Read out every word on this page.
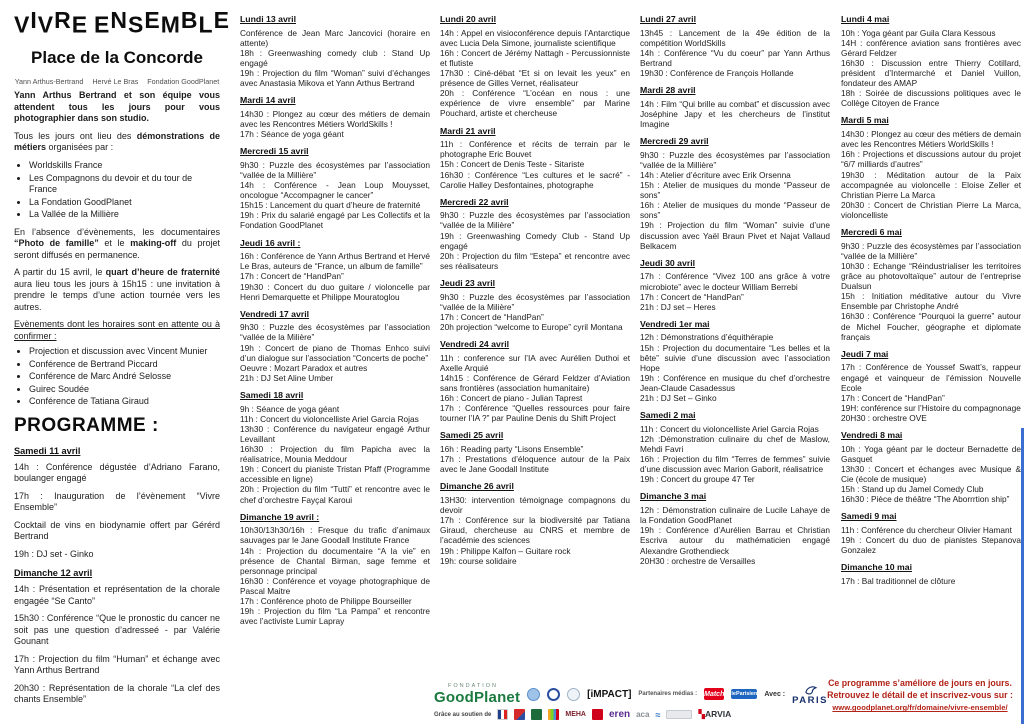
VIVRE ENSEMBLE
Place de la Concorde
Yann Arthus-Bertrand Hervé Le Bras Fondation GoodPlanet

Yann Arthus Bertrand et son équipe vous attendent tous les jours pour vous photographier dans son studio.

Tous les jours ont lieu des démonstrations de métiers organisées par :

• Worldskills France
• Les Compagnons du devoir et du tour de France
• La Fondation GoodPlanet
• La Vallée de la Millière

En l’absence d’évènements, les documentaires “Photo de famille” et le making-off du projet seront diffusés en permanence.

A partir du 15 avril, le quart d’heure de fraternité aura lieu tous les jours à 15h15 : une invitation à prendre le temps d’une action tournée vers les autres.

Evènements dont les horaires sont en attente ou à confirmer :

• Projection et discussion avec Vincent Munier
• Conférence de Bertrand Piccard
• Conférence de Marc André Selosse
• Guirec Soudée
• Conférence de Tatiana Giraud
PROGRAMME :
Samedi 11 avril

14h : Conférence dégustée d’Adriano Farano, boulanger engagé

17h : Inauguration de l’évènement “Vivre Ensemble”

Cocktail de vins en biodynamie offert par Gérérd Bertrand

19h : DJ set - Ginko

Dimanche 12 avril

14h : Présentation et représentation de la chorale engagée “Se Canto”

15h30 : Conférence “Que le pronostic du cancer ne soit pas une question d’adresseé - par Valérie Gounant

17h : Projection du film “Human” et échange avec Yann Arthus Bertrand

20h30 : Représentation de la chorale “La clef des chants Ensemble”

Lundi 13 avril

Conférence de Jean Marc Jancovici (horaire en attente)

18h : Greenwashing comedy club : Stand Up engagé

19h : Projection du film “Woman” suivi d’échanges avec Anastasia Mikova et Yann Arthus Bertrand

Mardi 14 avril

14h30 : Plongez au cœur des métiers de demain avec les Rencontres Métiers WorldSkills !

17h : Séance de yoga géant

Mercredi 15 avril

9h30 : Puzzle des écosystèmes par l’association “vallée de la Millière”

14h : Conférence - Jean Loup Mouysset, oncologue “Accompagner le cancer”

15h15 : Lancement du quart d’heure de fraternité

19h : Prix du salarié engagé par Les Collectifs et la Fondation GoodPlanet

Jeudi 16 avril :

16h : Conférence de Yann Arthus Bertrand et Hervé Le Bras, auteurs de “France, un album de famille”

17h : Concert de “HandPan”

19h30 : Concert du duo guitare / violoncelle par Henri Demarquette et Philippe Mouratoglou

Vendredi 17 avril

9h30 : Puzzle des écosystèmes par l’association “vallée de la Milière”

19h : Concert de piano de Thomas Enhco suivi d’un dialogue sur l’association “Concerts de poche”

Oeuvre : Mozart Paradox et autres

21h : DJ Set Aline Umber

Samedi 18 avril

9h : Séance de yoga géant

11h : Concert du violoncelliste Ariel Garcia Rojas

13h30 : Conférence du navigateur engagé Arthur Levaillant

16h30 : Projection du film Papicha avec la réalisatrice, Mounia Meddour

19h : Concert du pianiste Tristan Pfaff (Programme accessible en ligne)

20h : Projection du film “Tutti” et rencontre avec le chef d’orchestre Fayçal Karoui

Dimanche 19 avril :

10h30/13h30/16h : Fresque du trafic d’animaux sauvages par le Jane Goodall Institute France

14h : Projection du documentaire “A la vie” en présence de Chantal Birman, sage femme et personnage principal

16h30 : Conférence et voyage photographique de Pascal Maitre

17h : Conférence photo de Philippe Bourseiller

19h : Projection du film “La Pampa” et rencontre avec l’activiste Lumir Lapray

Lundi 20 avril

14h : Appel en visioconférence depuis l’Antarctique avec Lucia Dela Simone, journaliste scientifique

16h : Concert de Jérémy Nattagh - Percussionniste et flutiste

17h30 : Ciné-débat “Et si on levait les yeux” en présence de Gilles Vernet, réalisateur

20h : Conférence “L’océan en nous : une expérience de vivre ensemble” par Marine Pouchard, artiste et chercheuse

Mardi 21 avril

11h : Conférence et récits de terrain par le photographe Eric Bouvet

15h : Concert de Denis Teste - Sitariste

16h30 : Conférence “Les cultures et le sacré” - Carolie Halley Desfontaines, photographe

Mercredi 22 avril

9h30 : Puzzle des écosystèmes par l’association “vallée de la Milière”

19h : Greenwashing Comedy Club - Stand Up engagé

20h : Projection du film “Estepa” et rencontre avec ses réalisateurs

Jeudi 23 avril

9h30 : Puzzle des écosystèmes par l’association “vallée de la Milière”

17h : Concert de “HandPan”

20h projection “welcome to Europe” cyril Montana

Vendredi 24 avril

11h : conference sur l’IA avec Aurélien Duthoi et Axelle Arquié

14h15 : Conférence de Gérard Feldzer d’Aviation sans frontières (association humanitaire)

16h : Concert de piano - Julian Taprest

17h : Conférence “Quelles ressources pour faire tourner l’IA ?” par Pauline Denis du Shift Project

Samedi 25 avril

16h : Reading party “Lisons Ensemble”

17h : Prestations d’éloquence autour de la Paix avec le Jane Goodall Institute

Dimanche 26 avril

13H30: intervention témoignage compagnons du devoir

17h : Conférence sur la biodiversité par Tatiana Giraud, chercheuse au CNRS et membre de l’académie des sciences

19h : Philippe Kalfon – Guitare rock

19h: course solidaire

Lundi 27 avril

13h45 : Lancement de la 49e édition de la compétition WorldSkills

14h : Conférence “Vu du coeur” par Yann Arthus Bertrand

19h30 : Conférence de François Hollande

Mardi 28 avril

14h : Film “Qui brille au combat” et discussion avec Joséphine Japy et les chercheurs de l’institut Imagine

Mercredi 29 avril

9h30 : Puzzle des écosystèmes par l’association “vallée de la Millière”

14h : Atelier d’écriture avec Erik Orsenna

15h : Atelier de musiques du monde “Passeur de sons”

16h : Atelier de musiques du monde “Passeur de sons”

19h : Projection du film “Woman” suivie d’une discussion avec Yaël Braun Pivet et Najat Vallaud Belkacem

Jeudi 30 avril

17h : Conférence “Vivez 100 ans grâce à votre microbiote” avec le docteur William Berrebi

17h : Concert de “HandPan”

21h : DJ set – Heres

Vendredi 1er mai

12h : Démonstrations d’équithérapie

15h : Projection du documentaire “Les belles et la bête” suivie d’une discussion avec l’association Hope

19h : Conférence en musique du chef d’orchestre Jean-Claude Casadessus

21h : DJ Set – Ginko

Samedi 2 mai

11h : Concert du violoncelliste Ariel Garcia Rojas

12h :Démonstration culinaire du chef de Maslow, Mehdi Favri

16h : Projection du film “Terres de femmes” suivie d’une discussion avec Marion Gaborit, réalisatrice

19h : Concert du groupe 47 Ter

Dimanche 3 mai

12h : Démonstration culinaire de Lucile Lahaye de la Fondation GoodPlanet

19h : Conférence d’Aurélien Barrau et Christian Escriva autour du mathématicien engagé Alexandre Grothendieck

20H30 : orchestre de Versailles

Lundi 4 mai

10h : Yoga géant par Guila Clara Kessous

14H : conférence aviation sans frontières avec Gérard Feldzer

16h30 : Discussion entre Thierry Cotillard, président d’Intermarché et Daniel Vuillon, fondateur des AMAP

18h : Soirée de discussions politiques avec le Collège Citoyen de France

Mardi 5 mai

14h30 : Plongez au cœur des métiers de demain avec les Rencontres Métiers WorldSkills !

16h : Projections et discussions autour du projet “6/7 milliards d’autres”

19h30 : Méditation autour de la Paix accompagnée au violoncelle : Eloise Zeller et Christian Pierre La Marca

20h30 : Concert de Christian Pierre La Marca, violoncelliste

Mercredi 6 mai

9h30 : Puzzle des écosystèmes par l’association “vallée de la Millière”

10h30 : Echange “Réindustrialiser les territoires grâce au photovoltaïque” autour de l’entreprise Dualsun

15h : Initiation méditative autour du Vivre Ensemble par Christophe André

16h30 : Conférence “Pourquoi la guerre” autour de Michel Foucher, géographe et diplomate français

Jeudi 7 mai

17h : Conférence de Youssef Swatt’s, rappeur engagé et vainqueur de l’émission Nouvelle Ecole

17h : Concert de “HandPan”

19H: conférence sur l’Histoire du compagnonage

20H30 : orchestre OVE

Vendredi 8 mai

10h : Yoga géant par le docteur Bernadette de Gasquet

13h30 : Concert et échanges avec Musique & Cie (école de musique)

15h : Stand up du Jamel Comedy Club

16h30 : Pièce de théâtre “The Aborrrtion ship”

Samedi 9 mai

11h : Conférence du chercheur Olivier Hamant

19h : Concert du duo de pianistes Stepanova Gonzalez

Dimanche 10 mai

17h : Bal traditionnel de clôture

FONDATION
GoodPlanet	[iMPACT] Partenaires médias : Match leParisien Avec :
PARIS
Grâce au soutien de	MEHA eren aca ≈	▚ARVIA
Ce programme s’améliore de jours en jours.
Retrouvez le détail de et inscrivez-vous sur :
www.goodplanet.org/fr/domaine/vivre-ensemble/
